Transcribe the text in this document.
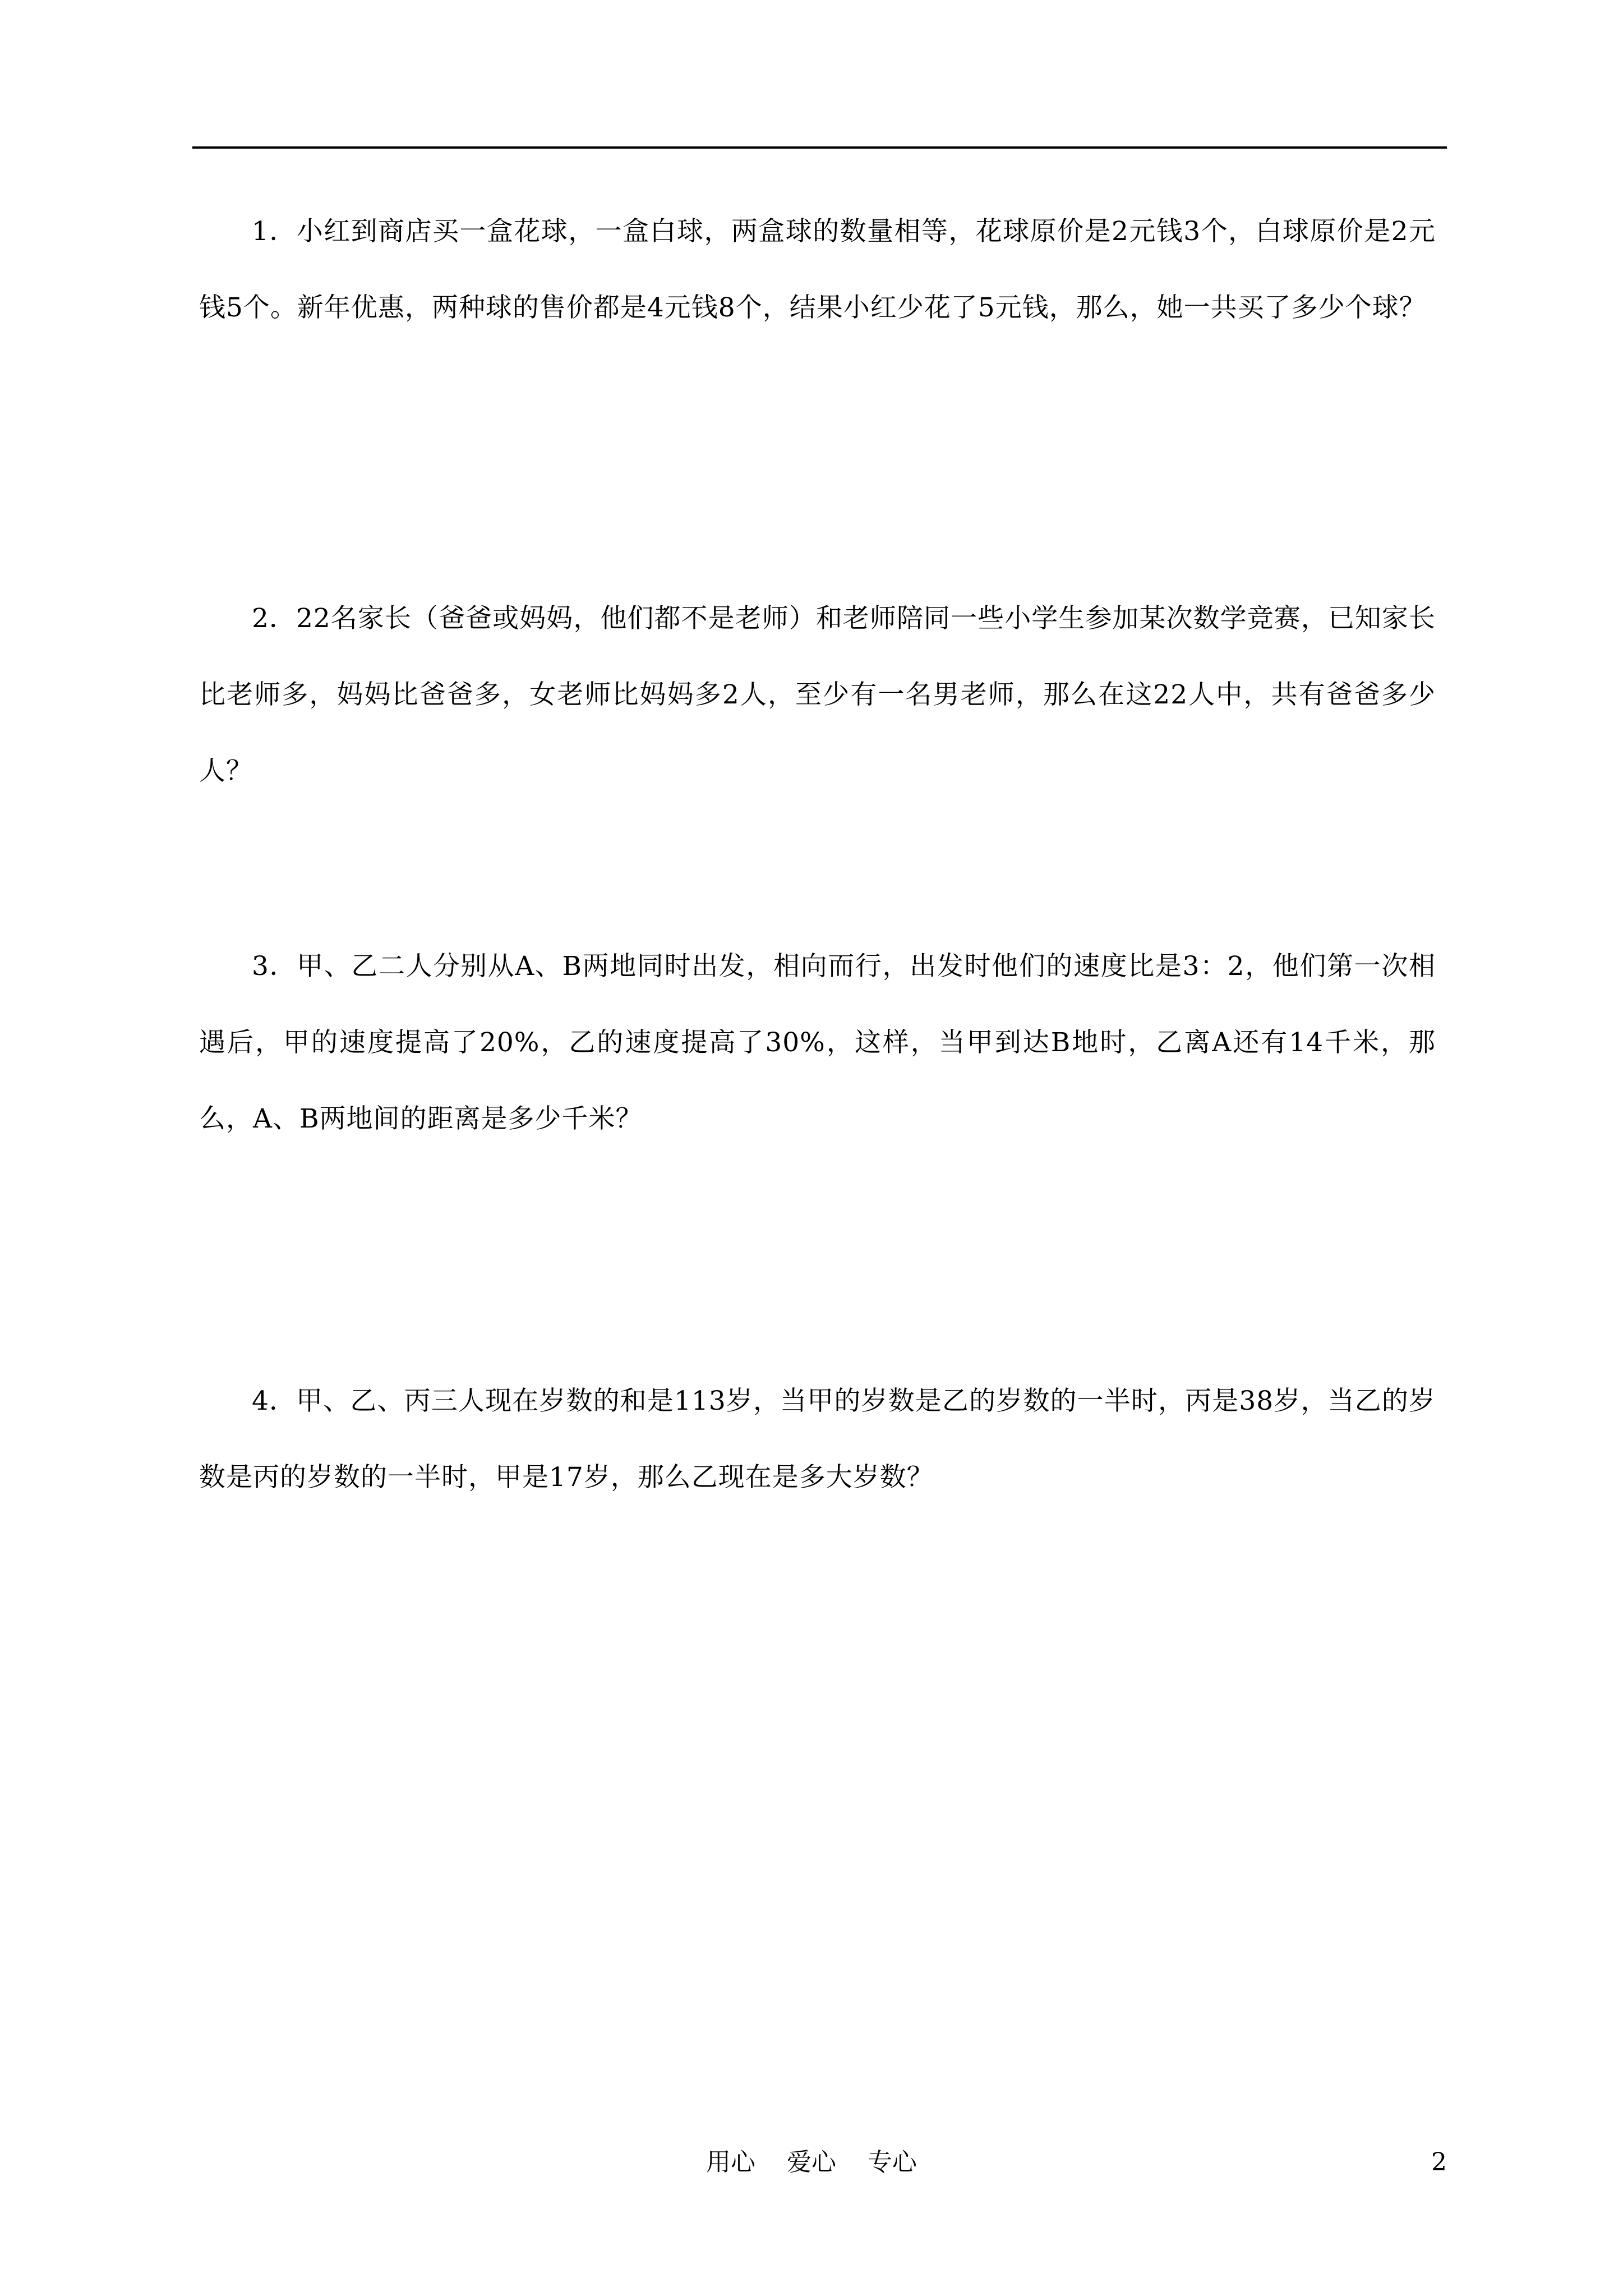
1．小红到商店买一盒花球，一盒白球，两盒球的数量相等，花球原价是2元钱3个，白球原价是2元钱5个。新年优惠，两种球的售价都是4元钱8个，结果小红少花了5元钱，那么，她一共买了多少个球？

2．22名家长（爸爸或妈妈，他们都不是老师）和老师陪同一些小学生参加某次数学竞赛，已知家长比老师多，妈妈比爸爸多，女老师比妈妈多2人，至少有一名男老师，那么在这22人中，共有爸爸多少人？

3．甲、乙二人分别从A、B两地同时出发，相向而行，出发时他们的速度比是3：2，他们第一次相遇后，甲的速度提高了20%，乙的速度提高了30%，这样，当甲到达B地时，乙离A还有14千米，那么，A、B两地间的距离是多少千米？

4．甲、乙、丙三人现在岁数的和是113岁，当甲的岁数是乙的岁数的一半时，丙是38岁，当乙的岁数是丙的岁数的一半时，甲是17岁，那么乙现在是多大岁数？

用心    爱心    专心	2
